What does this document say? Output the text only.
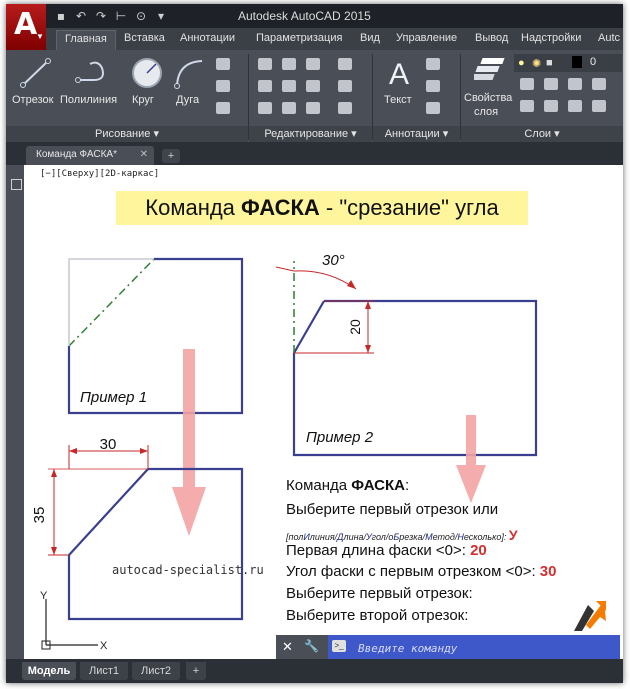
Autodesk AutoCAD 2015
A
▼
▪ ↶ ↷ ⊢ ⊙ ▾
Главная	Вставка Аннотации Параметризация Вид Управление Вывод Надстройки Autc
Отрезок Полилиния Круг Дуга
A
Текст	Свойства
слоя
● ✺ ■	0
Рисование ▾	Редактирование ▾	Аннотации ▾	Слои ▾
Команда ФАСКА* ✕	+
[−][Сверху][2D-каркас]
Команда ФАСКА - "срезание" угла
30
35
30°
20
Y
X
Пример 1
Пример 2
autocad-specialist.ru
Команда ФАСКА:
Выберите первый отрезок или
[полИлиния/Длина/Угол/оБрезка/Метод/Несколько]: У
Первая длина фаски <0>: 20
Угол фаски с первым отрезком <0>: 30
Выберите первый отрезок:
Выберите второй отрезок:
✕ 🔧	>_
Введите команду
Модель	Лист1	Лист2	+
